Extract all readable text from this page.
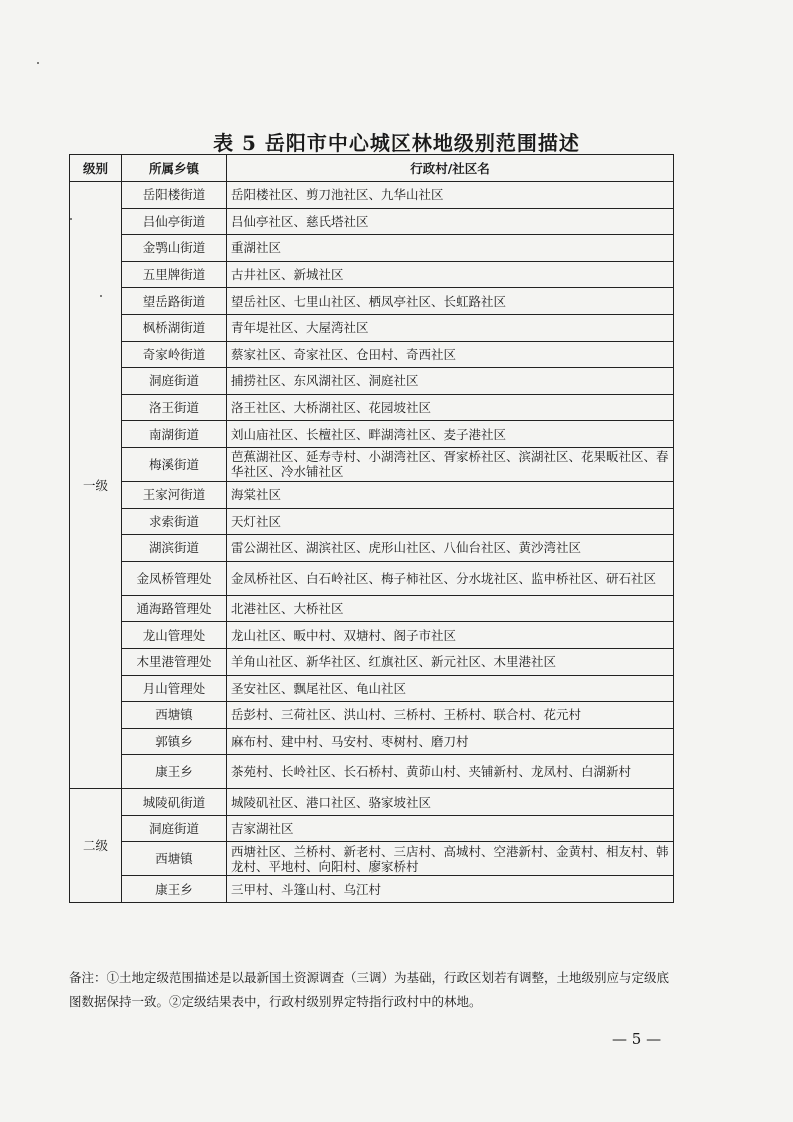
表 5 岳阳市中心城区林地级别范围描述
级别	所属乡镇	行政村/社区名
一级	岳阳楼街道	岳阳楼社区、剪刀池社区、九华山社区
	吕仙亭街道	吕仙亭社区、慈氏塔社区
	金鹗山街道	重湖社区
	五里牌街道	古井社区、新城社区
	望岳路街道	望岳社区、七里山社区、栖凤亭社区、长虹路社区
	枫桥湖街道	青年堤社区、大屋湾社区
	奇家岭街道	蔡家社区、奇家社区、仓田村、奇西社区
	洞庭街道	捕捞社区、东风湖社区、洞庭社区
	洛王街道	洛王社区、大桥湖社区、花园坡社区
	南湖街道	刘山庙社区、长檀社区、畔湖湾社区、麦子港社区
	梅溪街道	芭蕉湖社区、延寿寺村、小湖湾社区、胥家桥社区、滨湖社区、花果畈社区、春华社区、冷水铺社区
	王家河街道	海棠社区
	求索街道	天灯社区
	湖滨街道	雷公湖社区、湖滨社区、虎形山社区、八仙台社区、黄沙湾社区
	金凤桥管理处	金凤桥社区、白石岭社区、梅子柿社区、分水垅社区、监申桥社区、研石社区
	通海路管理处	北港社区、大桥社区
	龙山管理处	龙山社区、畈中村、双塘村、阁子市社区
	木里港管理处	羊角山社区、新华社区、红旗社区、新元社区、木里港社区
	月山管理处	圣安社区、飘尾社区、龟山社区
	西塘镇	岳彭村、三荷社区、洪山村、三桥村、王桥村、联合村、花元村
	郭镇乡	麻布村、建中村、马安村、枣树村、磨刀村
	康王乡	茶苑村、长岭社区、长石桥村、黄茆山村、夹铺新村、龙凤村、白湖新村
二级	城陵矶街道	城陵矶社区、港口社区、骆家坡社区
	洞庭街道	吉家湖社区
	西塘镇	西塘社区、兰桥村、新老村、三店村、高城村、空港新村、金黄村、相友村、韩龙村、平地村、向阳村、廖家桥村
	康王乡	三甲村、斗篷山村、乌江村
备注：①土地定级范围描述是以最新国土资源调查（三调）为基础，行政区划若有调整，土地级别应与定级底图数据保持一致。②定级结果表中，行政村级别界定特指行政村中的林地。
— 5 —
